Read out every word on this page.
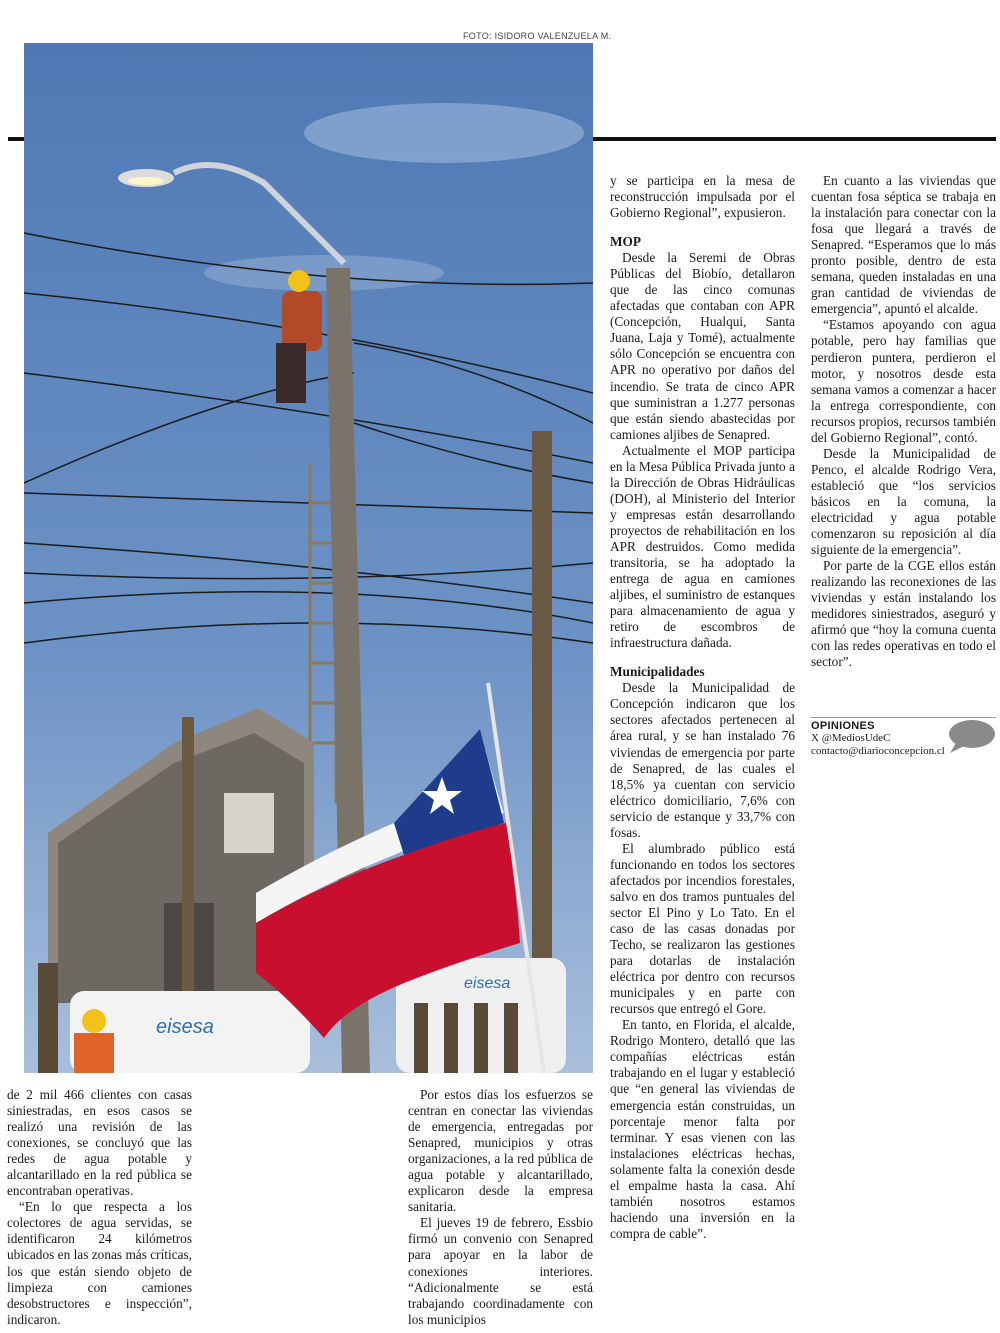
FOTO: ISIDORO VALENZUELA M.
eisesa
eisesa

de 2 mil 466 clientes con casas siniestradas, en esos casos se realizó una revisión de las conexiones, se concluyó que las redes de agua potable y alcantarillado en la red pública se encontraban operativas.

“En lo que respecta a los colectores de agua servidas, se identificaron 24 kilómetros ubicados en las zonas más críticas, los que están siendo objeto de limpieza con camiones desobstructores e inspección”, indicaron.

Por estos días los esfuerzos se centran en conectar las viviendas de emergencia, entregadas por Senapred, municipios y otras organizaciones, a la red pública de agua potable y alcantarillado, explicaron desde la empresa sanitaria.

El jueves 19 de febrero, Essbio firmó un convenio con Senapred para apoyar en la labor de conexiones interiores. “Adicionalmente se está trabajando coordinadamente con los municipios

y se participa en la mesa de reconstrucción impulsada por el Gobierno Regional”, expusieron.

MOP

Desde la Seremi de Obras Públicas del Biobío, detallaron que de las cinco comunas afectadas que contaban con APR (Concepción, Hualqui, Santa Juana, Laja y Tomé), actualmente sólo Concepción se encuentra con APR no operativo por daños del incendio. Se trata de cinco APR que suministran a 1.277 personas que están siendo abastecidas por camiones aljibes de Senapred.

Actualmente el MOP participa en la Mesa Pública Privada junto a la Dirección de Obras Hidráulicas (DOH), al Ministerio del Interior y empresas están desarrollando proyectos de rehabilitación en los APR destruidos. Como medida transitoria, se ha adoptado la entrega de agua en camiones aljibes, el suministro de estanques para almacenamiento de agua y retiro de escombros de infraestructura dañada.

Municipalidades

Desde la Municipalidad de Concepción indicaron que los sectores afectados pertenecen al área rural, y se han instalado 76 viviendas de emergencia por parte de Senapred, de las cuales el 18,5% ya cuentan con servicio eléctrico domiciliario, 7,6% con servicio de estanque y 33,7% con fosas.

El alumbrado público está funcionando en todos los sectores afectados por incendios forestales, salvo en dos tramos puntuales del sector El Pino y Lo Tato. En el caso de las casas donadas por Techo, se realizaron las gestiones para dotarlas de instalación eléctrica por dentro con recursos municipales y en parte con recursos que entregó el Gore.

En tanto, en Florida, el alcalde, Rodrigo Montero, detalló que las compañías eléctricas están trabajando en el lugar y estableció que “en general las viviendas de emergencia están construidas, un porcentaje menor falta por terminar. Y esas vienen con las instalaciones eléctricas hechas, solamente falta la conexión desde el empalme hasta la casa. Ahí también nosotros estamos haciendo una inversión en la compra de cable”.

En cuanto a las viviendas que cuentan fosa séptica se trabaja en la instalación para conectar con la fosa que llegará a través de Senapred. “Esperamos que lo más pronto posible, dentro de esta semana, queden instaladas en una gran cantidad de viviendas de emergencia”, apuntó el alcalde.

“Estamos apoyando con agua potable, pero hay familias que perdieron puntera, perdieron el motor, y nosotros desde esta semana vamos a comenzar a hacer la entrega correspondiente, con recursos propios, recursos también del Gobierno Regional”, contó.

Desde la Municipalidad de Penco, el alcalde Rodrigo Vera, estableció que “los servicios básicos en la comuna, la electricidad y agua potable comenzaron su reposición al día siguiente de la emergencia”.

Por parte de la CGE ellos están realizando las reconexiones de las viviendas y están instalando los medidores siniestrados, aseguró y afirmó que “hoy la comuna cuenta con las redes operativas en todo el sector”.

OPINIONES
X @MediosUdeC
contacto@diarioconcepcion.cl
